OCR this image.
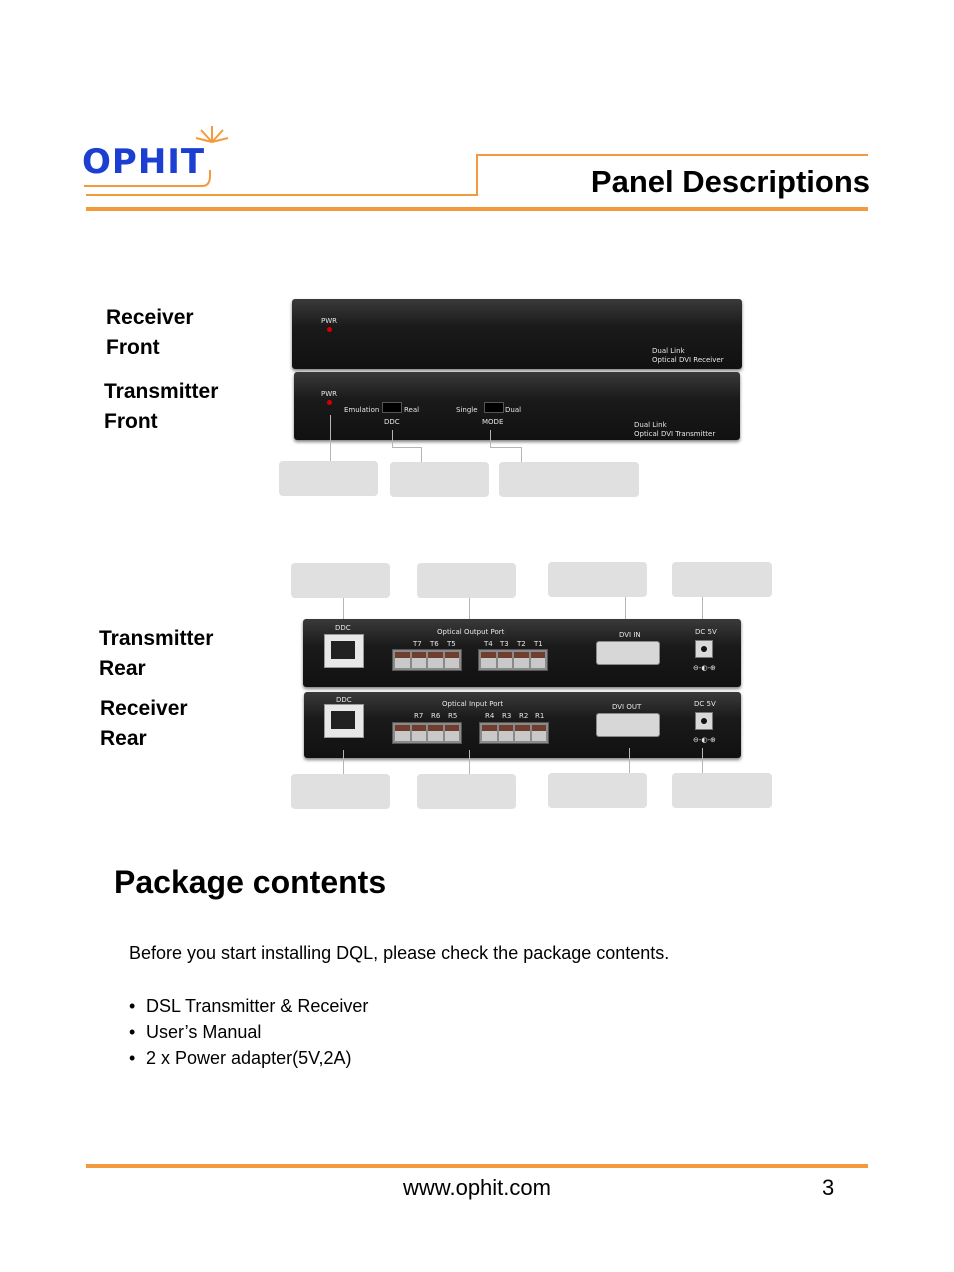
OPHIT	Panel Descriptions
Receiver
Front
Transmitter
Front
PWR
Dual Link
Optical DVI Receiver
PWR
Emulation	Real
DDC
Single	Dual
MODE	Dual Link
Optical DVI Transmitter
Transmitter
Rear
Receiver
Rear
DDC	Optical Output Port
T7 T6 T5	T4 T3 T2 T1
DVI IN	DC 5V
⊖-◐-⊕
DDC	Optical Input Port
R7 R6 R5	R4 R3 R2 R1
DVI OUT	DC 5V
⊖-◐-⊕
Package contents
Before you start installing DQL, please check the package contents.
• DSL Transmitter & Receiver
• User’s Manual
• 2 x Power adapter(5V,2A)
www.ophit.com	3
